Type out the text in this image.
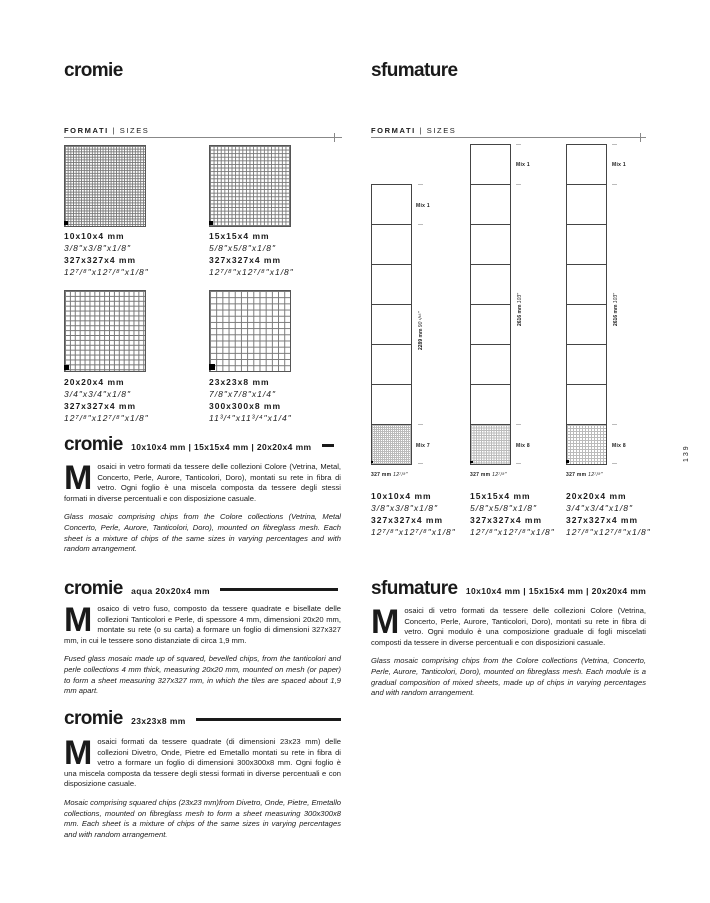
cromie
FORMATI | SIZES
10x10x4 mm
3/8"x3/8"x1/8"
327x327x4 mm
12⁷/⁸"x12⁷/⁸"x1/8"
15x15x4 mm
5/8"x5/8"x1/8"
327x327x4 mm
12⁷/⁸"x12⁷/⁸"x1/8"
20x20x4 mm
3/4"x3/4"x1/8"
327x327x4 mm
12⁷/⁸"x12⁷/⁸"x1/8"
23x23x8 mm
7/8"x7/8"x1/4"
300x300x8 mm
11³/⁴"x11³/⁴"x1/4"
cromie 10x10x4 mm | 15x15x4 mm | 20x20x4 mm
Mosaici in vetro formati da tessere delle collezioni Colore (Vetrina, Metal, Concerto, Perle, Aurore, Tanticolori, Doro), montati su rete in fibra di vetro. Ogni foglio è una miscela composta da tessere degli stessi formati in diverse percentuali e con disposizione casuale.
Glass mosaic comprising chips from the Colore collections (Vetrina, Metal Concerto, Perle, Aurore, Tanticolori, Doro), mounted on fibreglass mesh. Each sheet is a mixture of chips of the same sizes in varying percentages and with random arrangement.
cromie aqua 20x20x4 mm
Mosaico di vetro fuso, composto da tessere quadrate e bisellate delle collezioni Tanticolori e Perle, di spessore 4 mm, dimensioni 20x20 mm, montate su rete (o su carta) a formare un foglio di dimensioni 327x327 mm, in cui le tessere sono distanziate di circa 1,9 mm.
Fused glass mosaic made up of squared, bevelled chips, from the tanticolori and perle collections 4 mm thick, measuring 20x20 mm, mounted on mesh (or paper) to form a sheet measuring 327x327 mm, in which the tiles are spaced about 1,9 mm apart.
cromie 23x23x8 mm
Mosaici formati da tessere quadrate (di dimensioni 23x23 mm) delle collezioni Divetro, Onde, Pietre ed Emetallo montati su rete in fibra di vetro a formare un foglio di dimensioni 300x300x8 mm. Ogni foglio è una miscela composta da tessere degli stessi formati in diverse percentuali e con disposizione casuale.
Mosaic comprising squared chips (23x23 mm)from Divetro, Onde, Pietre, Emetallo collections, mounted on fibreglass mesh to form a sheet measuring 300x300x8 mm. Each sheet is a mixture of chips of the same sizes in varying percentages and with random arrangement.
sfumature
FORMATI | SIZES
Mix 1
Mix 7
2289 mm 90 ¹/¹⁶"
327 mm 12⁷/⁸"
Mix 1
Mix 8
2616 mm 103"
327 mm 12⁷/⁸"
Mix 1
Mix 8
2616 mm 103"
327 mm 12⁷/⁸"
10x10x4 mm
3/8"x3/8"x1/8"
327x327x4 mm
12⁷/⁸"x12⁷/⁸"x1/8"
15x15x4 mm
5/8"x5/8"x1/8"
327x327x4 mm
12⁷/⁸"x12⁷/⁸"x1/8"
20x20x4 mm
3/4"x3/4"x1/8"
327x327x4 mm
12⁷/⁸"x12⁷/⁸"x1/8"
sfumature 10x10x4 mm | 15x15x4 mm | 20x20x4 mm
Mosaici di vetro formati da tessere delle collezioni Colore (Vetrina, Concerto, Perle, Aurore, Tanticolori, Doro), montati su rete in fibra di vetro. Ogni modulo è una composizione graduale di fogli miscelati composti da tessere in diverse percentuali e con disposizioni casuale.
Glass mosaic comprising chips from the Colore collections (Vetrina, Concerto, Perle, Aurore, Tanticolori, Doro), mounted on fibreglass mesh. Each module is a gradual composition of mixed sheets, made up of chips in varying percentages and with random arrangement.
139
